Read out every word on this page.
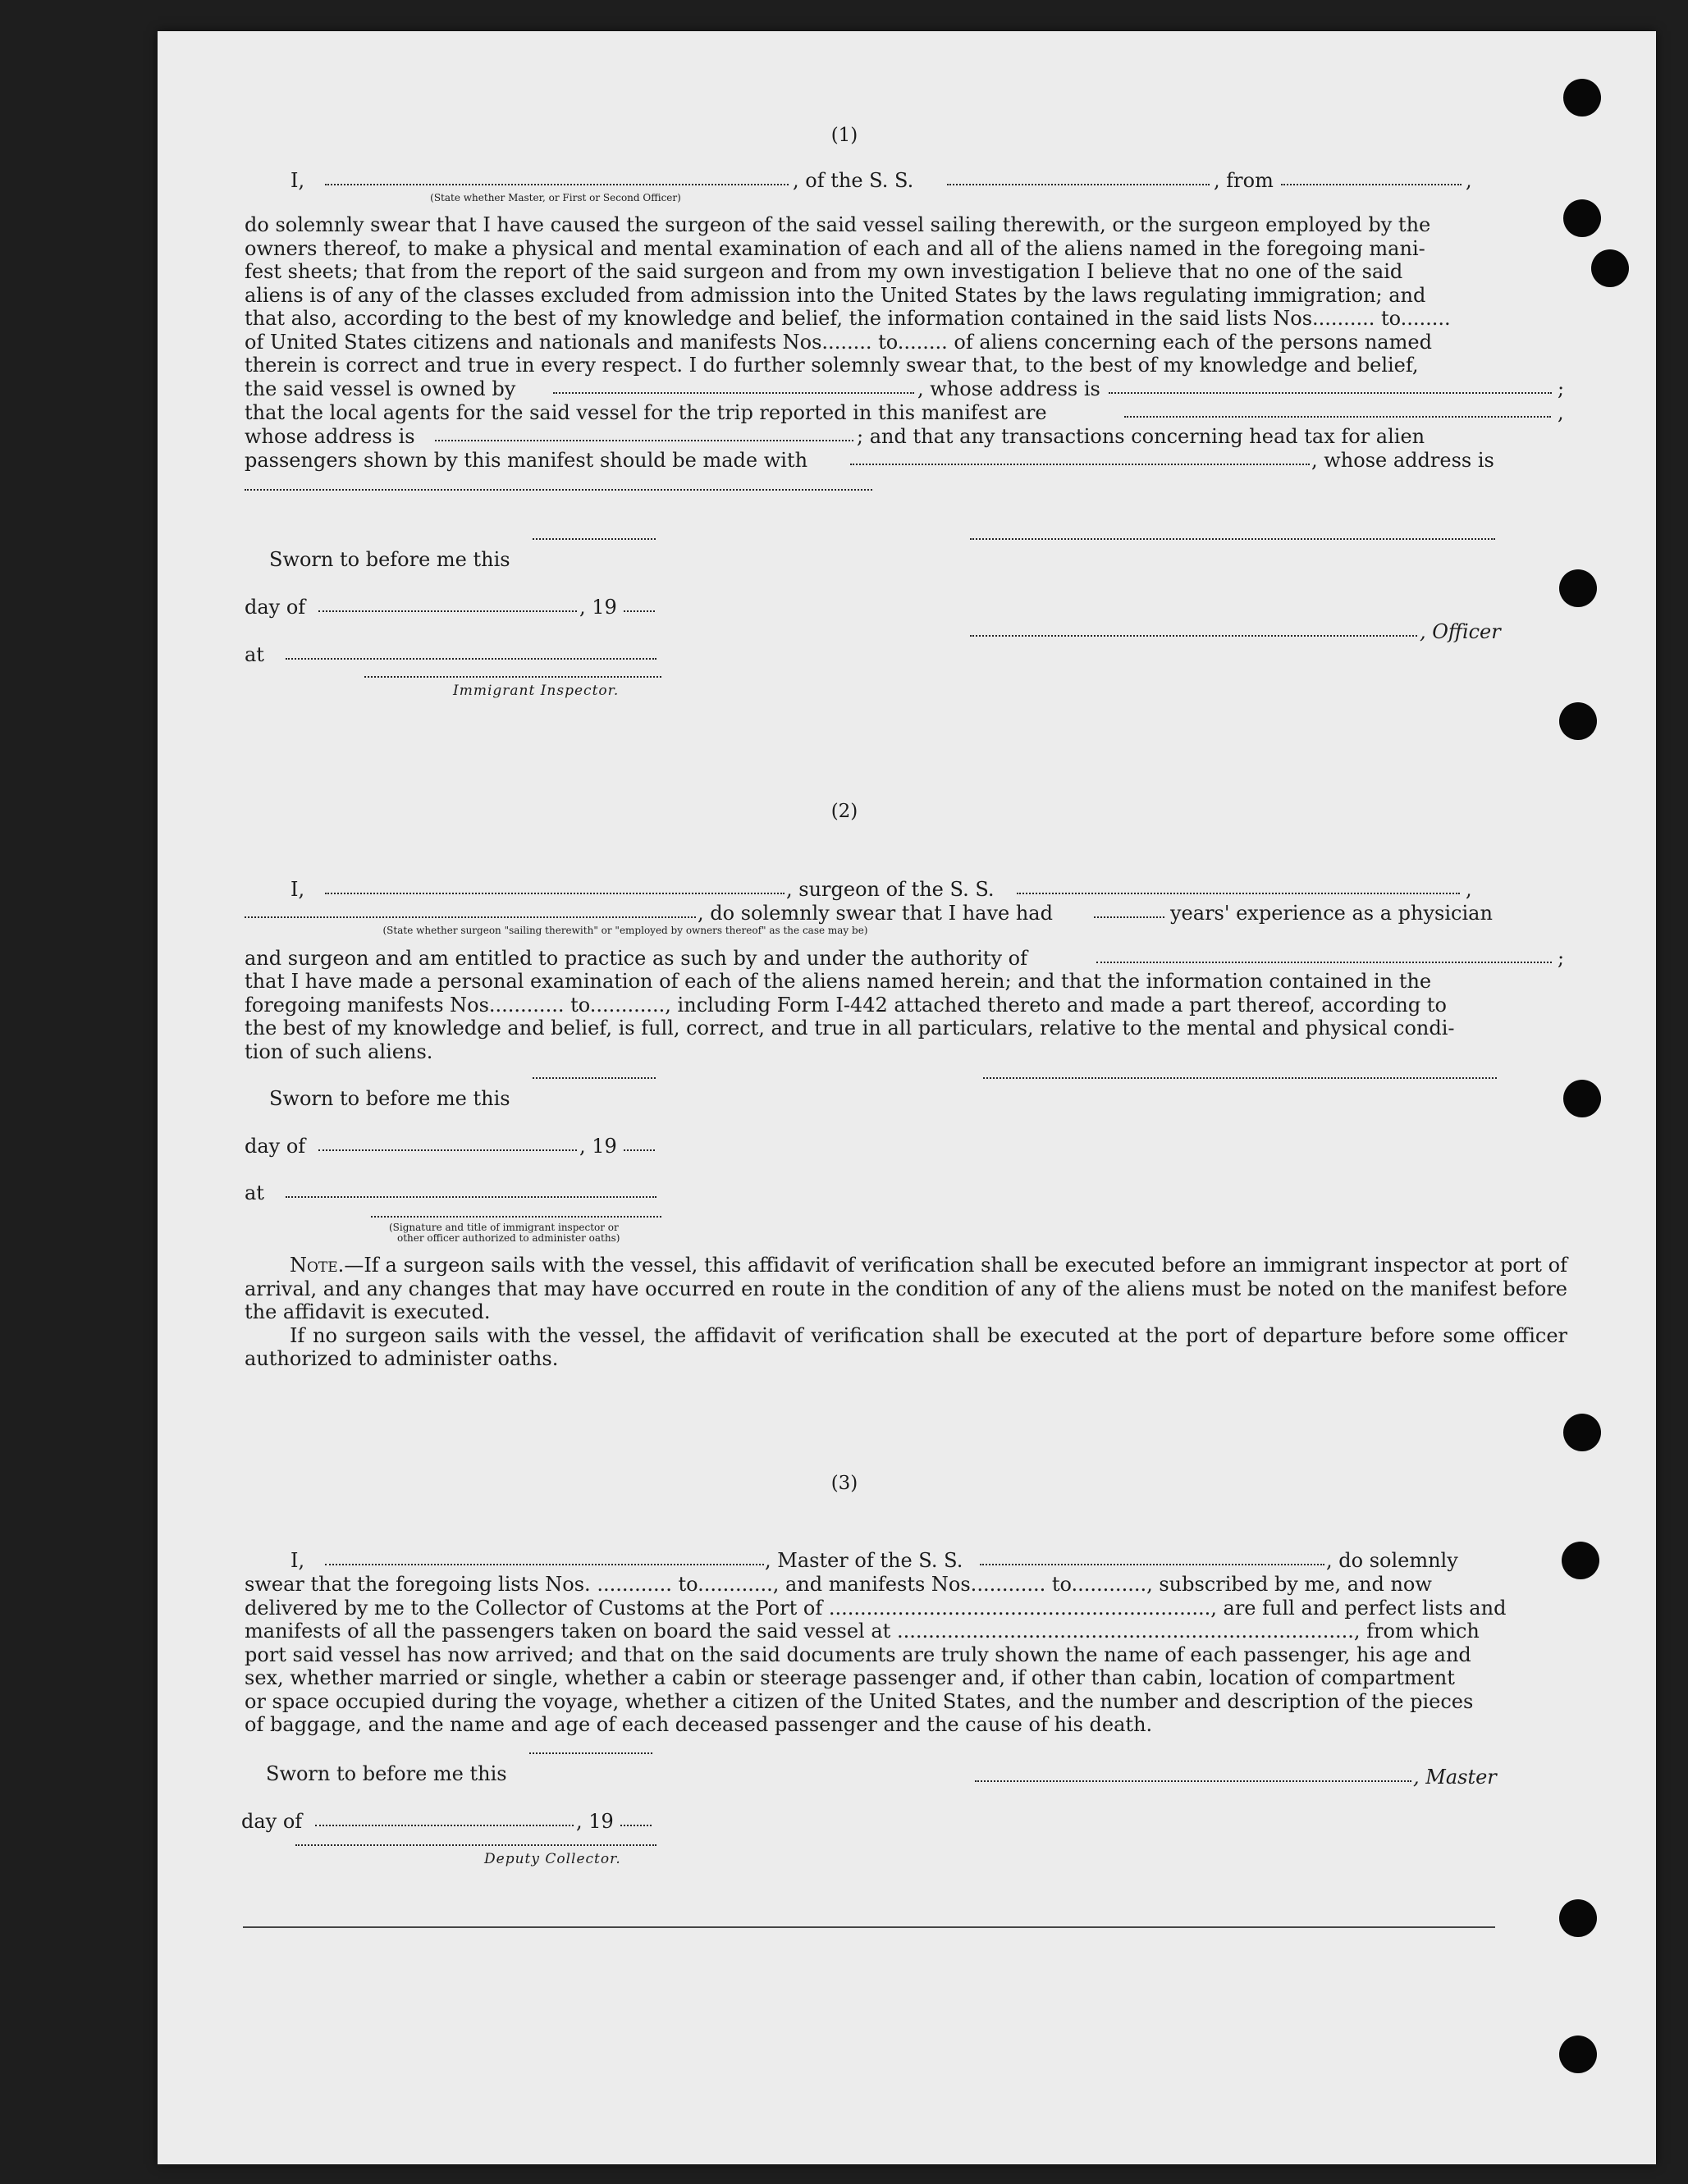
(1)
I,	, of the S. S.	, from	,
(State whether Master, or First or Second Officer)

do solemnly swear that I have caused the surgeon of the said vessel sailing therewith, or the surgeon employed by the

owners thereof, to make a physical and mental examination of each and all of the aliens named in the foregoing mani-

fest sheets; that from the report of the said surgeon and from my own investigation I believe that no one of the said

aliens is of any of the classes excluded from admission into the United States by the laws regulating immigration; and

that also, according to the best of my knowledge and belief, the information contained in the said lists Nos.......... to........

of United States citizens and nationals and manifests Nos........ to........ of aliens concerning each of the persons named

therein is correct and true in every respect. I do further solemnly swear that, to the best of my knowledge and belief,

the said vessel is owned by	, whose address is	;
that the local agents for the said vessel for the trip reported in this manifest are	,
whose address is	; and that any transactions concerning head tax for alien
passengers shown by this manifest should be made with	, whose address is
Sworn to before me this
day of	, 19
, Officer
at
Immigrant Inspector.
(2)
I,	, surgeon of the S. S.	,
, do solemnly swear that I have had	years' experience as a physician
(State whether surgeon "sailing therewith" or "employed by owners thereof" as the case may be)
and surgeon and am entitled to practice as such by and under the authority of	;

that I have made a personal examination of each of the aliens named herein; and that the information contained in the

foregoing manifests Nos............ to............, including Form I-442 attached thereto and made a part thereof, according to

the best of my knowledge and belief, is full, correct, and true in all particulars, relative to the mental and physical condi-

tion of such aliens.

Sworn to before me this
day of	, 19
at
(Signature and title of immigrant inspector or
other officer authorized to administer oaths)

Note.—If a surgeon sails with the vessel, this affidavit of verification shall be executed before an immigrant inspector at port of arrival, and any changes that may have occurred en route in the condition of any of the aliens must be noted on the manifest before the affidavit is executed.

If no surgeon sails with the vessel, the affidavit of verification shall be executed at the port of departure before some officer authorized to administer oaths.

(3)
I,	, Master of the S. S.	, do solemnly

swear that the foregoing lists Nos. ............ to............, and manifests Nos............ to............, subscribed by me, and now

delivered by me to the Collector of Customs at the Port of ............................................................., are full and perfect lists and

manifests of all the passengers taken on board the said vessel at ........................................................................., from which

port said vessel has now arrived; and that on the said documents are truly shown the name of each passenger, his age and

sex, whether married or single, whether a cabin or steerage passenger and, if other than cabin, location of compartment

or space occupied during the voyage, whether a citizen of the United States, and the number and description of the pieces

of baggage, and the name and age of each deceased passenger and the cause of his death.

Sworn to before me this	, Master
day of	, 19
Deputy Collector.
